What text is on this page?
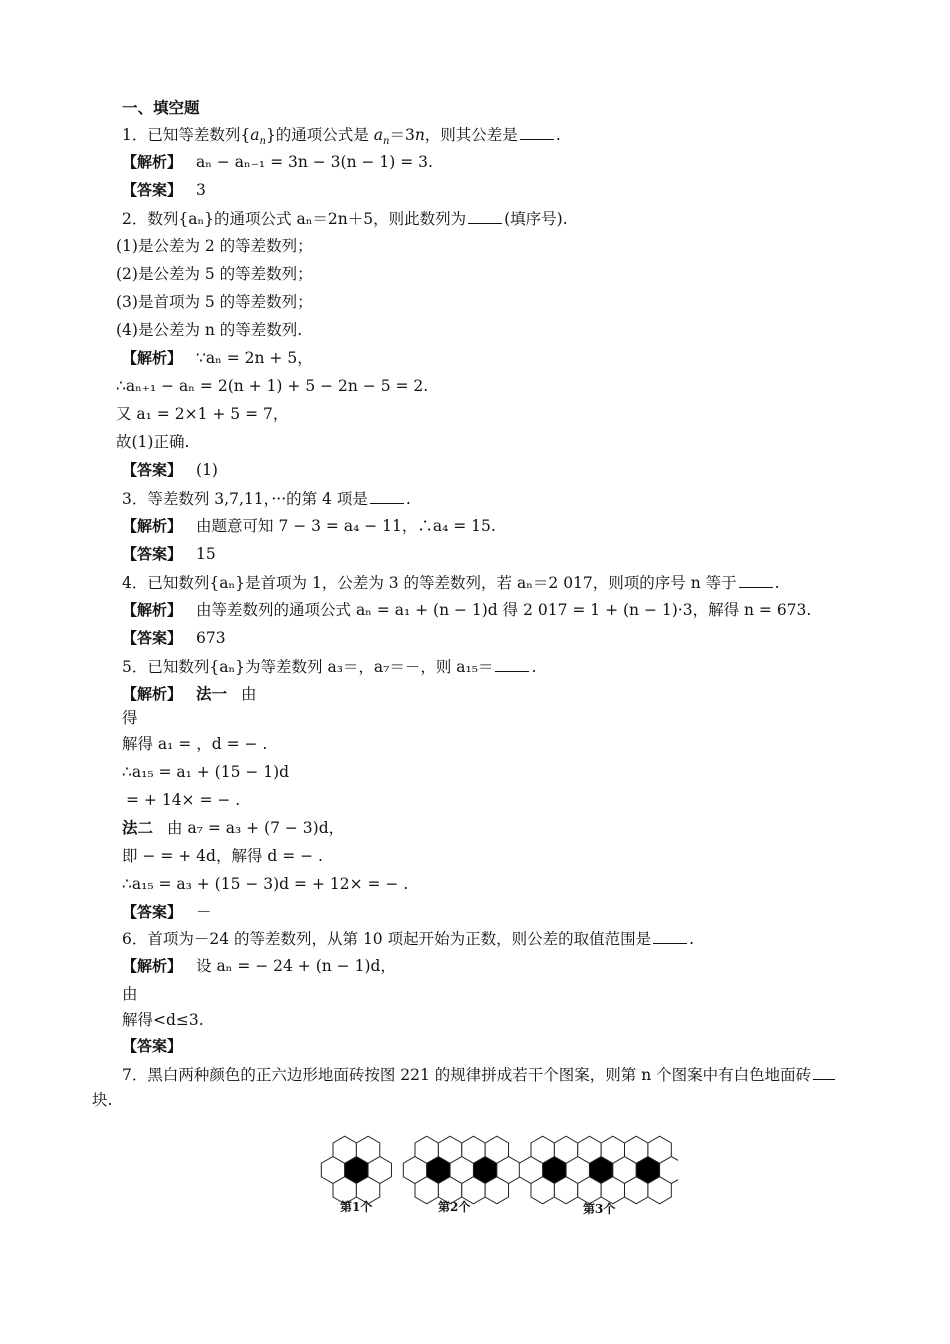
一、填空题
1．已知等差数列$\{a_n\}$的通项公式是 $a_n=3n$，则其公差是 .
【解析】 aₙ − aₙ₋₁ = 3n − 3(n − 1) = 3.
【答案】 3
2．数列{aₙ}的通项公式 aₙ＝2n＋5，则此数列为 (填序号).
(1)是公差为 2 的等差数列；
(2)是公差为 5 的等差数列；
(3)是首项为 5 的等差数列；
(4)是公差为 n 的等差数列.
【解析】 ∵aₙ = 2n + 5，
∴aₙ₊₁ − aₙ = 2(n + 1) + 5 − 2n − 5 = 2.
又 a₁ = 2×1 + 5 = 7，
故(1)正确.
【答案】 (1)
3．等差数列 3,7,11，···的第 4 项是 .
【解析】 由题意可知 7 − 3 = a₄ − 11，∴a₄ = 15.
【答案】 15
4．已知数列{aₙ}是首项为 1，公差为 3 的等差数列，若 aₙ＝2 017，则项的序号 n 等于 .
【解析】 由等差数列的通项公式 aₙ = a₁ + (n − 1)d 得 2 017 = 1 + (n − 1)·3，解得 n = 673.
【答案】 673
5．已知数列{aₙ}为等差数列 a₃＝，a₇＝－，则 a₁₅＝ .
【解析】 法一 由
得
解得 a₁ = ，d = − .
∴a₁₅ = a₁ + (15 − 1)d
= + 14× = − .
法二 由 a₇ = a₃ + (7 − 3)d，
即 − = + 4d，解得 d = − .
∴a₁₅ = a₃ + (15 − 3)d = + 12× = − .
【答案】 －
6．首项为－24 的等差数列，从第 10 项起开始为正数，则公差的取值范围是 .
【解析】 设 aₙ = − 24 + (n − 1)d，
由
解得<d≤3.
【答案】
7．黑白两种颜色的正六边形地面砖按图 221 的规律拼成若干个图案，则第 n 个图案中有白色地面砖
块.
第1个	第2个	第3个
